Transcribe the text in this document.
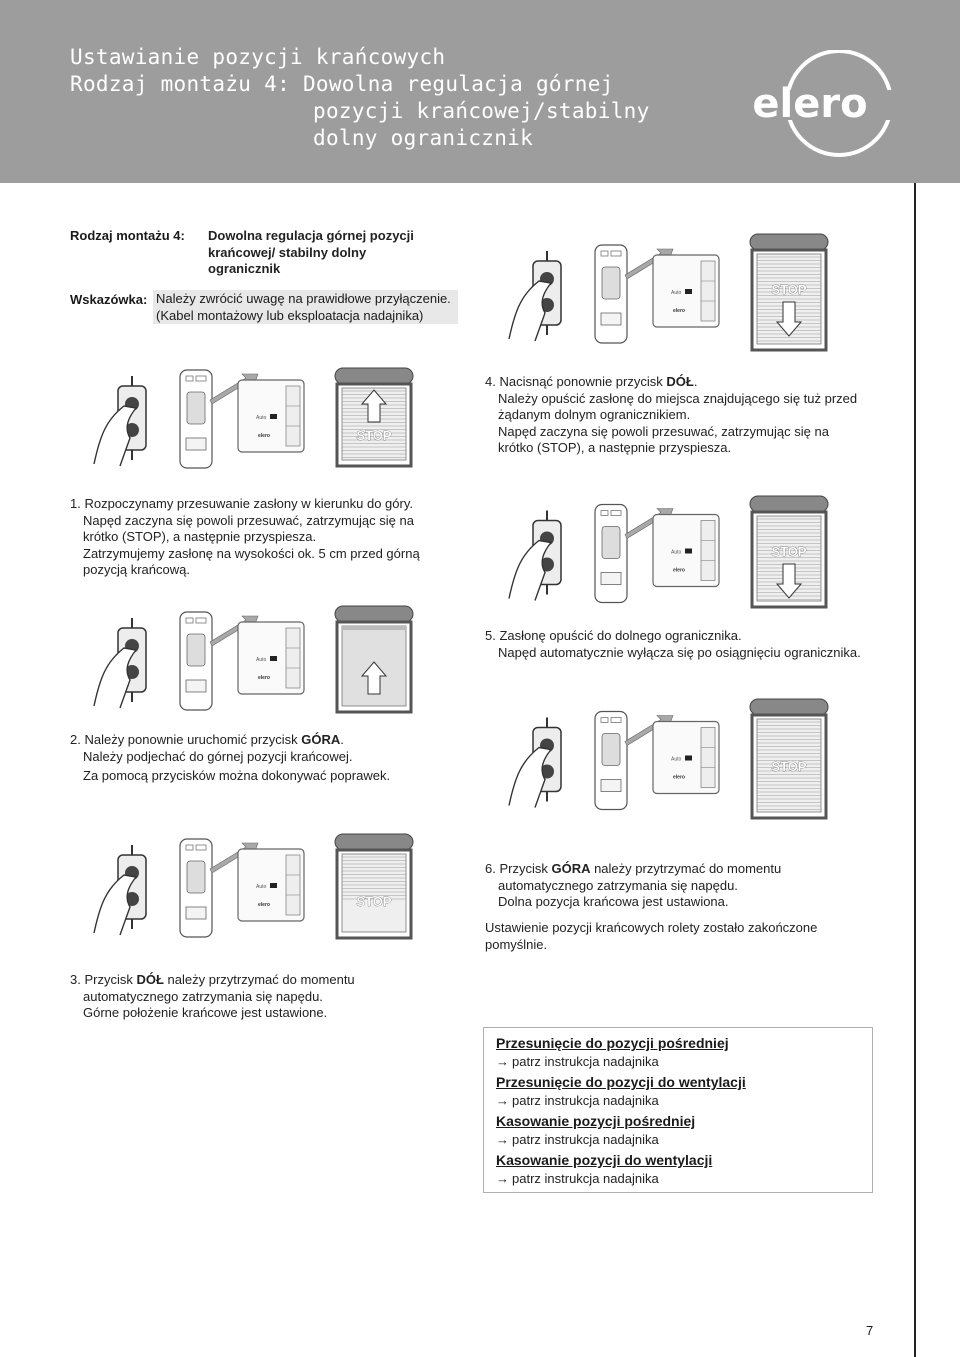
Ustawianie pozycji krańcowych
Rodzaj montażu 4: Dowolna regulacja górnej
pozycji krańcowej/stabilny
dolny ogranicznik
elero
Rodzaj montażu 4: Dowolna regulacja górnej pozycji
krańcowej/ stabilny dolny
ogranicznik
Wskazówka: Należy zwrócić uwagę na prawidłowe przyłączenie.
(Kabel montażowy lub eksploatacja nadajnika)
4. Nacisnąć ponownie przycisk DÓŁ.
Należy opuścić zasłonę do miejsca znajdującego się tuż przed
żądanym dolnym ogranicznikiem.
Napęd zaczyna się powoli przesuwać, zatrzymując się na
krótko (STOP), a następnie przyspiesza.
1. Rozpoczynamy przesuwanie zasłony w kierunku do góry.
Napęd zaczyna się powoli przesuwać, zatrzymując się na
krótko (STOP), a następnie przyspiesza.
Zatrzymujemy zasłonę na wysokości ok. 5 cm przed górną
pozycją krańcową.
5. Zasłonę opuścić do dolnego ogranicznika.
Napęd automatycznie wyłącza się po osiągnięciu ogranicznika.
2. Należy ponownie uruchomić przycisk GÓRA.
Należy podjechać do górnej pozycji krańcowej.
Za pomocą przycisków można dokonywać poprawek.
6. Przycisk GÓRA należy przytrzymać do momentu
automatycznego zatrzymania się napędu.
Dolna pozycja krańcowa jest ustawiona.
Ustawienie pozycji krańcowych rolety zostało zakończone
pomyślnie.
3. Przycisk DÓŁ należy przytrzymać do momentu
automatycznego zatrzymania się napędu.
Górne położenie krańcowe jest ustawione.
Auto
elero
STOP
Auto
elero	STOP
Auto
elero
STOP
Auto
elero
Auto
elero
STOP
Auto
elero	STOP
Przesunięcie do pozycji pośredniej
→ patrz instrukcja nadajnika
Przesunięcie do pozycji do wentylacji
→ patrz instrukcja nadajnika
Kasowanie pozycji pośredniej
→ patrz instrukcja nadajnika
Kasowanie pozycji do wentylacji
→ patrz instrukcja nadajnika
7
